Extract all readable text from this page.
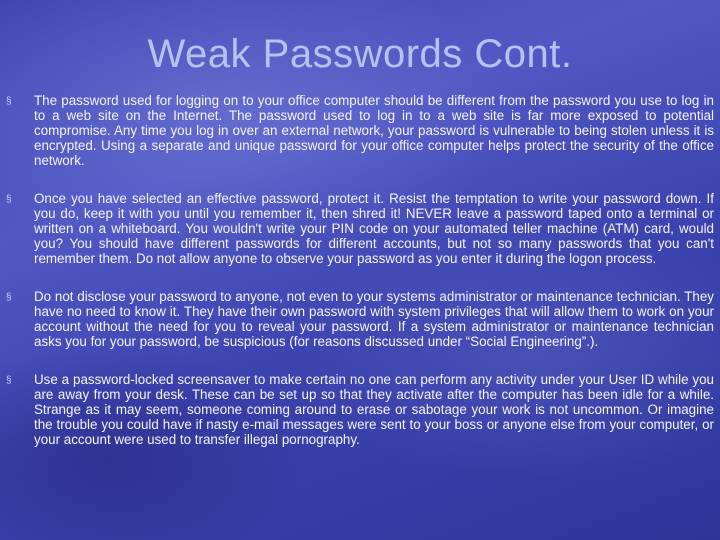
Weak Passwords Cont.
§ The password used for logging on to your office computer should be different from the password you use to log in to a web site on the Internet. The password used to log in to a web site is far more exposed to potential compromise. Any time you log in over an external network, your password is vulnerable to being stolen unless it is encrypted. Using a separate and unique password for your office computer helps protect the security of the office network.
§ Once you have selected an effective password, protect it. Resist the temptation to write your password down. If you do, keep it with you until you remember it, then shred it! NEVER leave a password taped onto a terminal or written on a whiteboard. You wouldn't write your PIN code on your automated teller machine (ATM) card, would you? You should have different passwords for different accounts, but not so many passwords that you can't remember them. Do not allow anyone to observe your password as you enter it during the logon process.
§ Do not disclose your password to anyone, not even to your systems administrator or maintenance technician. They have no need to know it. They have their own password with system privileges that will allow them to work on your account without the need for you to reveal your password. If a system administrator or maintenance technician asks you for your password, be suspicious (for reasons discussed under “Social Engineering”.).
§ Use a password-locked screensaver to make certain no one can perform any activity under your User ID while you are away from your desk. These can be set up so that they activate after the computer has been idle for a while. Strange as it may seem, someone coming around to erase or sabotage your work is not uncommon. Or imagine the trouble you could have if nasty e-mail messages were sent to your boss or anyone else from your computer, or your account were used to transfer illegal pornography.
